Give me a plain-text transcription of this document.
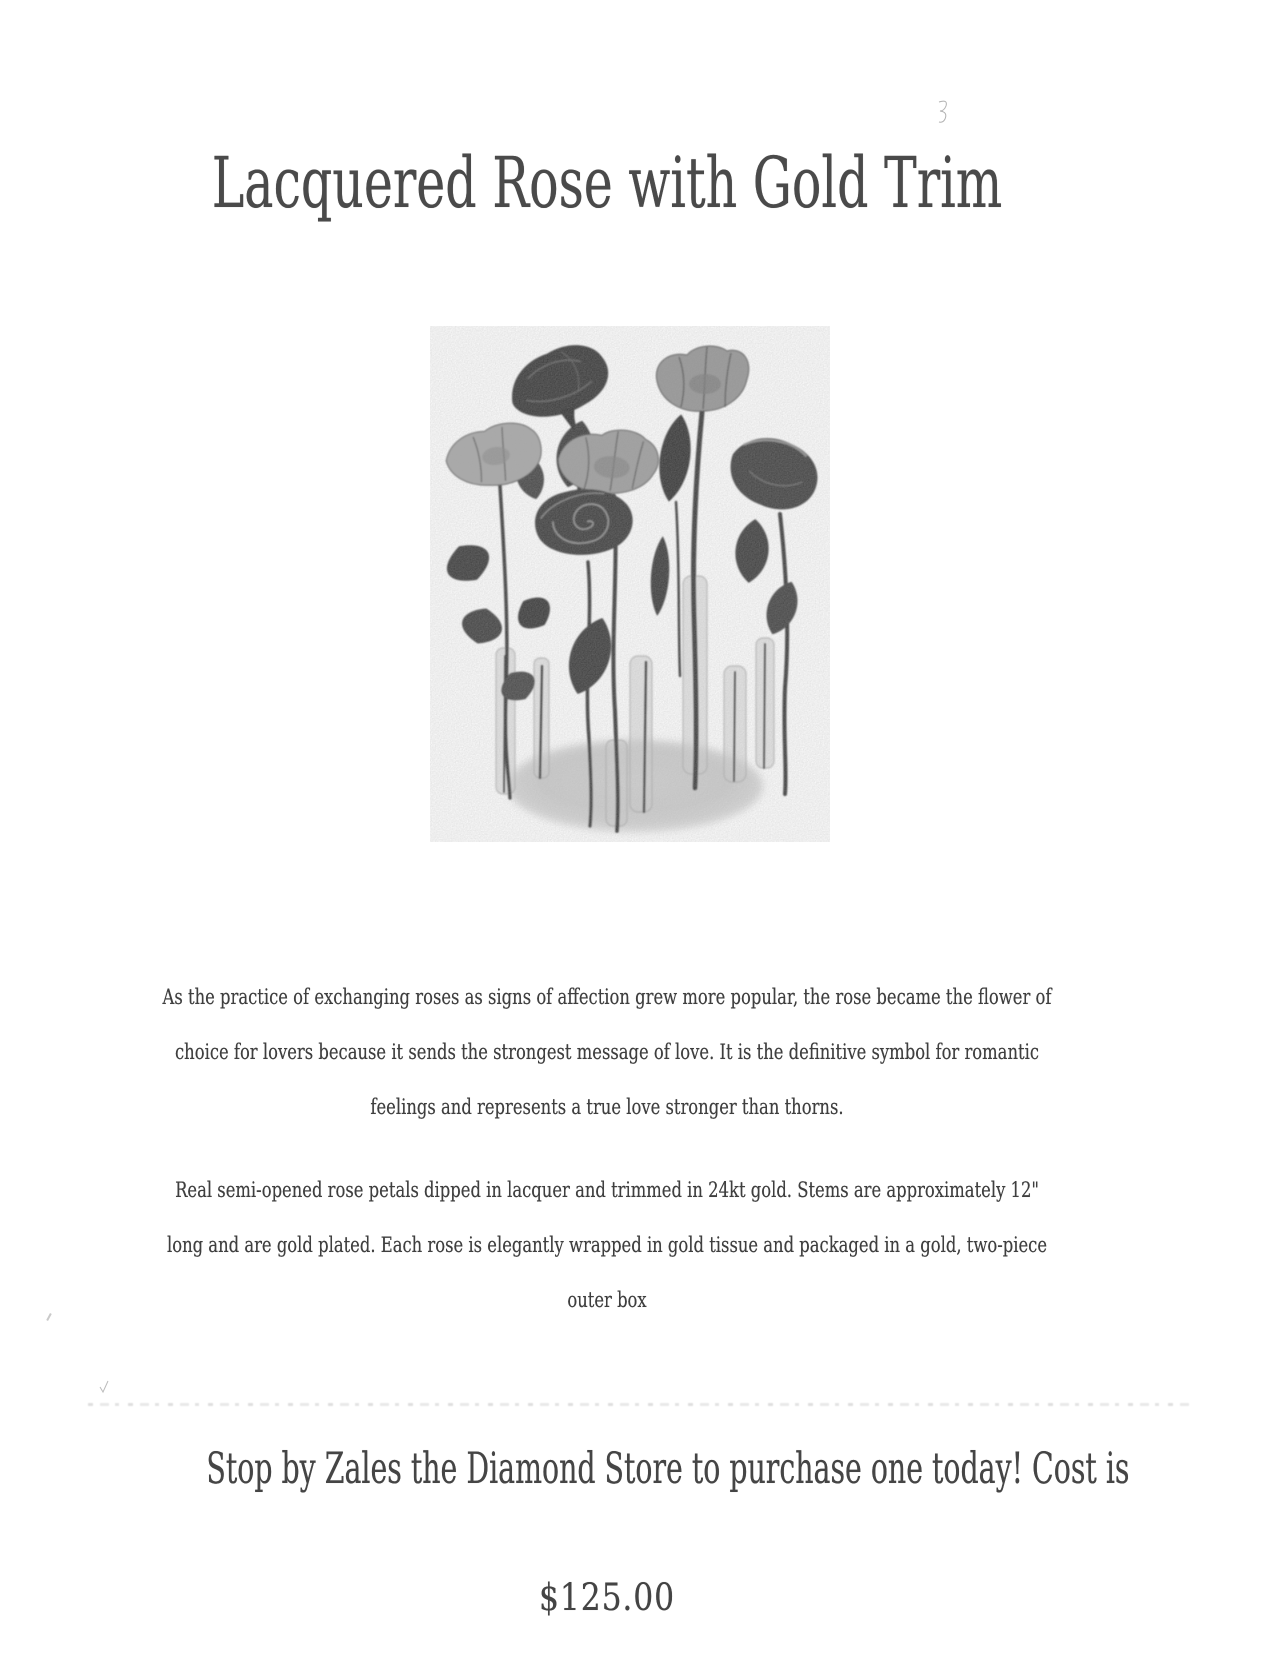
Lacquered Rose with Gold Trim
As the practice of exchanging roses as signs of affection grew more popular, the rose became the flower of
choice for lovers because it sends the strongest message of love. It is the definitive symbol for romantic
feelings and represents a true love stronger than thorns.
Real semi-opened rose petals dipped in lacquer and trimmed in 24kt gold. Stems are approximately 12"
long and are gold plated. Each rose is elegantly wrapped in gold tissue and packaged in a gold, two-piece
outer box
Stop by Zales the Diamond Store to purchase one today! Cost is
$125.00
